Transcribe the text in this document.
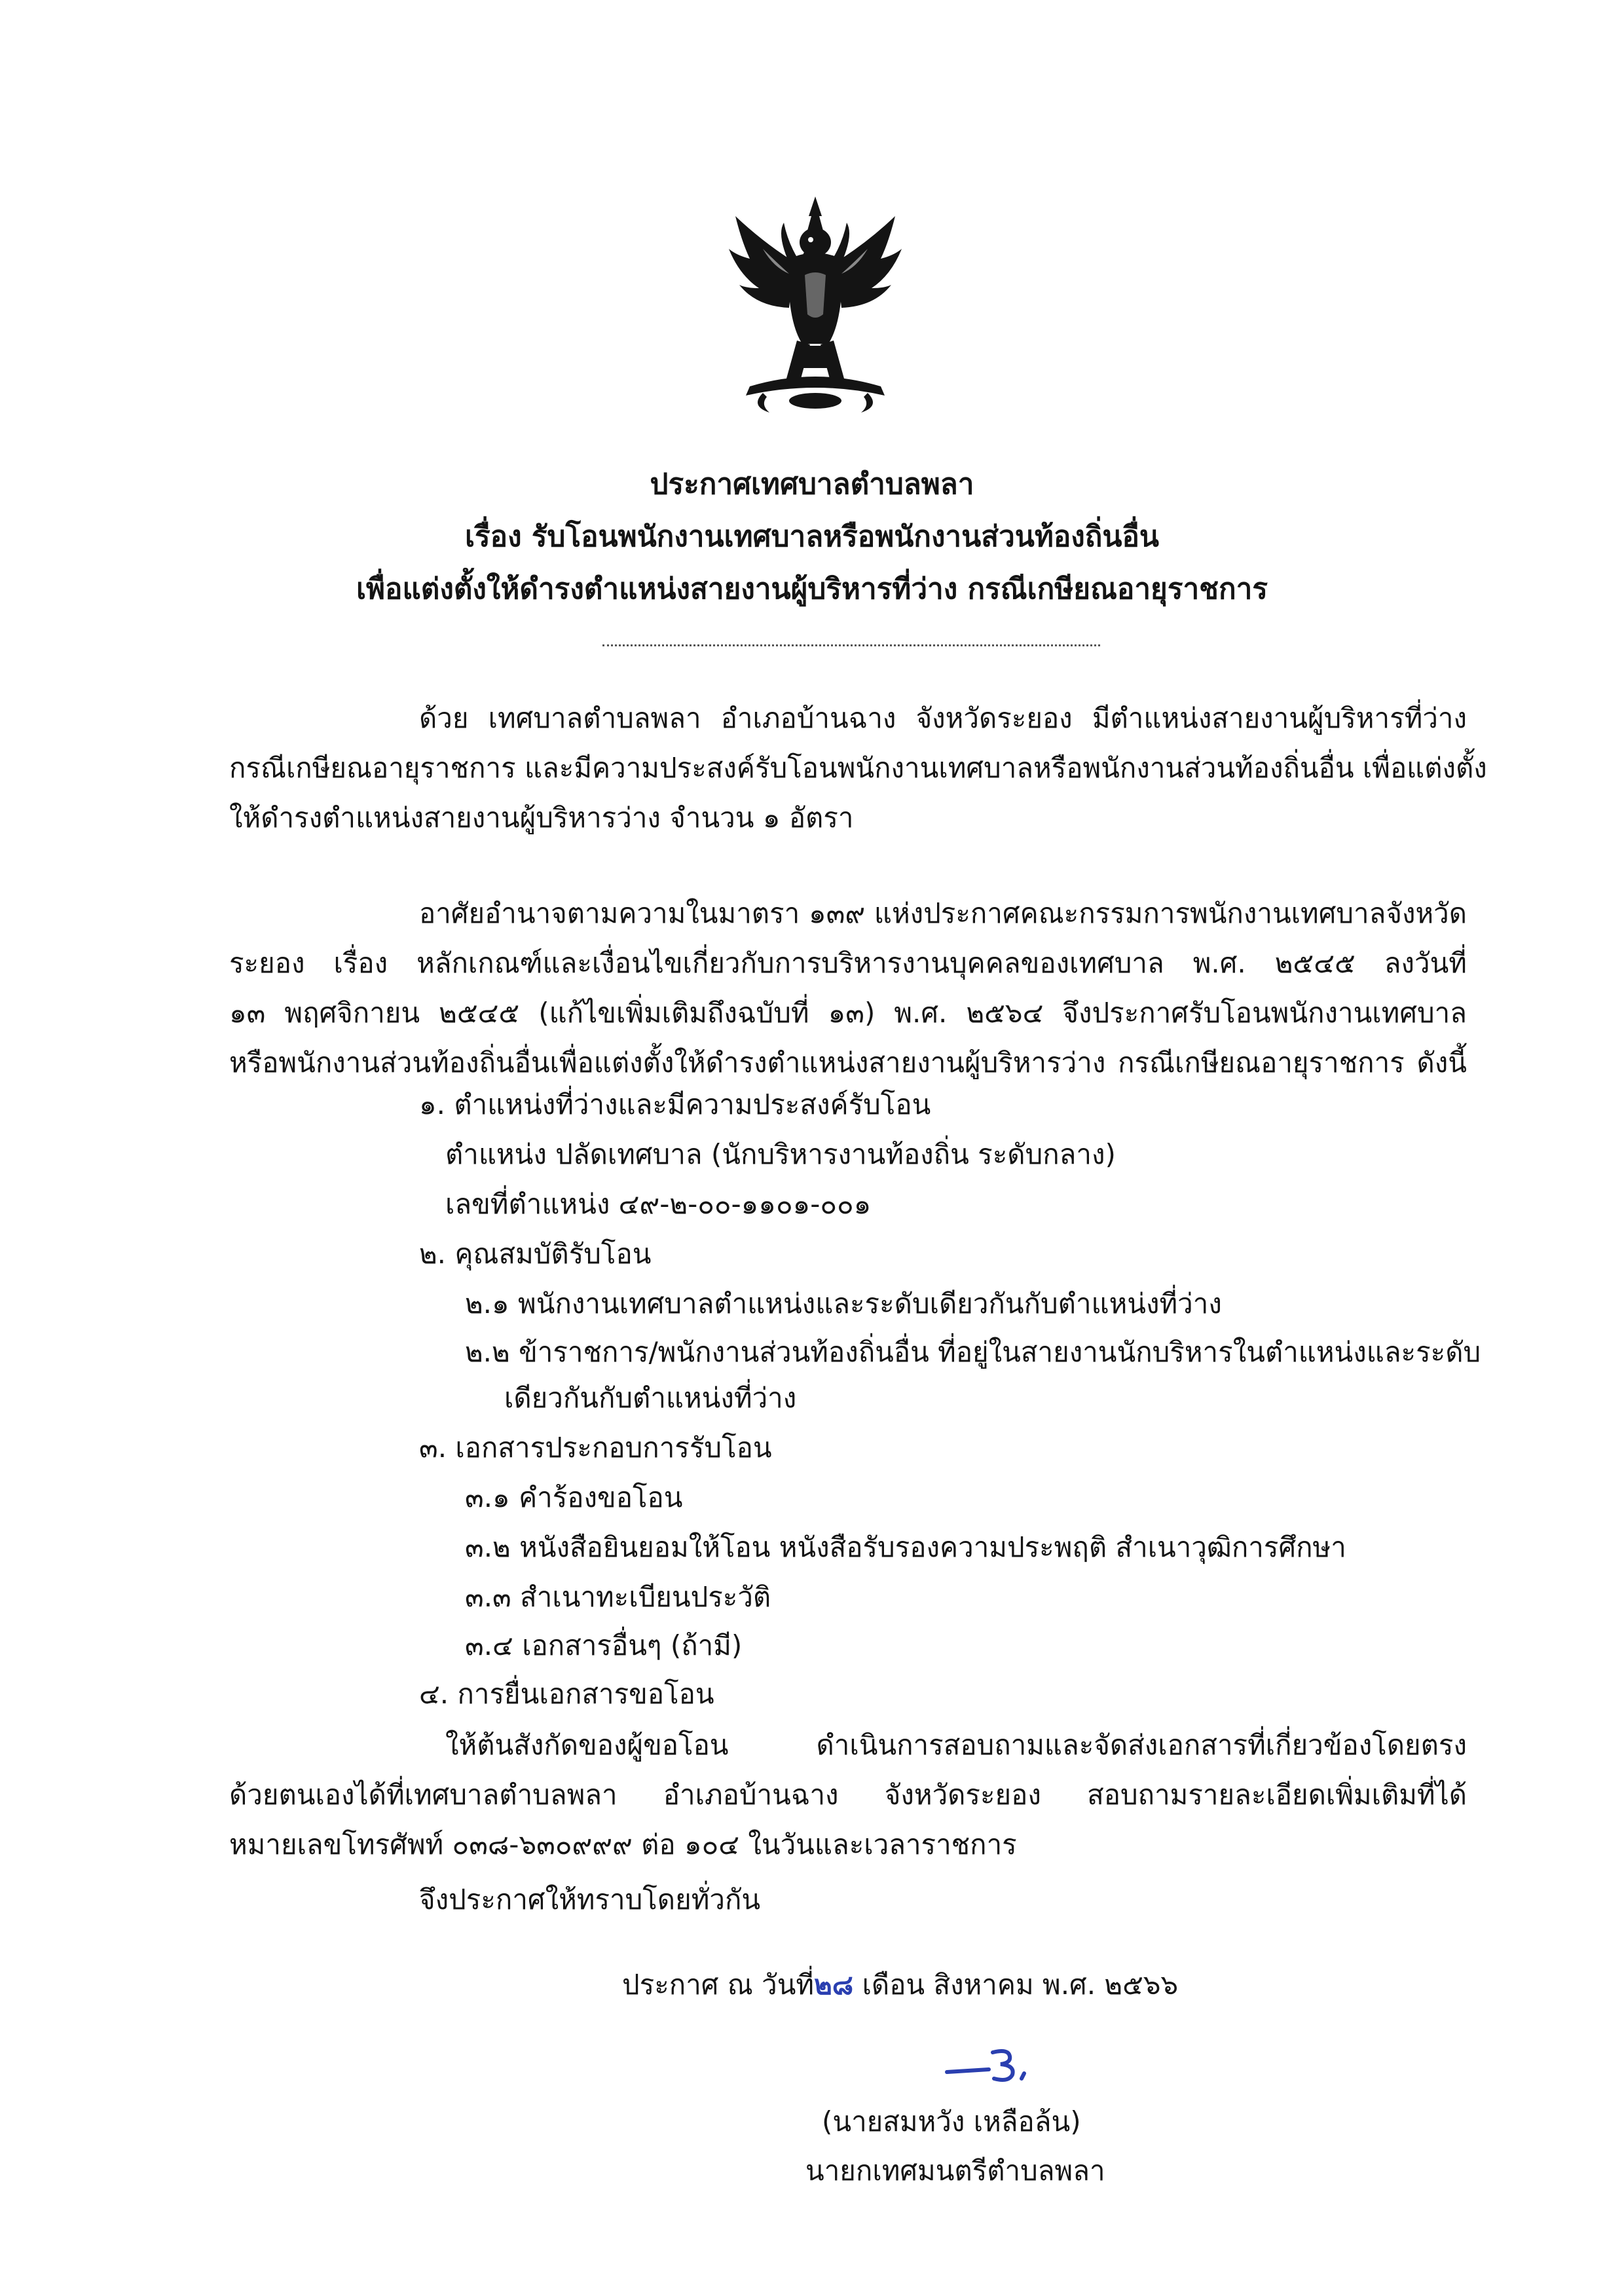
ประกาศเทศบาลตำบลพลา
เรื่อง รับโอนพนักงานเทศบาลหรือพนักงานส่วนท้องถิ่นอื่น
เพื่อแต่งตั้งให้ดำรงตำแหน่งสายงานผู้บริหารที่ว่าง กรณีเกษียณอายุราชการ
ด้วย เทศบาลตำบลพลา อำเภอบ้านฉาง จังหวัดระยอง มีตำแหน่งสายงานผู้บริหารที่ว่าง
กรณีเกษียณอายุราชการ และมีความประสงค์รับโอนพนักงานเทศบาลหรือพนักงานส่วนท้องถิ่นอื่น เพื่อแต่งตั้ง
ให้ดำรงตำแหน่งสายงานผู้บริหารว่าง จำนวน ๑ อัตรา
อาศัยอำนาจตามความในมาตรา ๑๓๙ แห่งประกาศคณะกรรมการพนักงานเทศบาลจังหวัด
ระยอง เรื่อง หลักเกณฑ์และเงื่อนไขเกี่ยวกับการบริหารงานบุคคลของเทศบาล พ.ศ. ๒๕๔๕ ลงวันที่
๑๓ พฤศจิกายน ๒๕๔๕ (แก้ไขเพิ่มเติมถึงฉบับที่ ๑๓) พ.ศ. ๒๕๖๔ จึงประกาศรับโอนพนักงานเทศบาล
หรือพนักงานส่วนท้องถิ่นอื่นเพื่อแต่งตั้งให้ดำรงตำแหน่งสายงานผู้บริหารว่าง กรณีเกษียณอายุราชการ ดังนี้
๑. ตำแหน่งที่ว่างและมีความประสงค์รับโอน
ตำแหน่ง ปลัดเทศบาล (นักบริหารงานท้องถิ่น ระดับกลาง)
เลขที่ตำแหน่ง ๔๙-๒-๐๐-๑๑๐๑-๐๐๑
๒. คุณสมบัติรับโอน
๒.๑ พนักงานเทศบาลตำแหน่งและระดับเดียวกันกับตำแหน่งที่ว่าง
๒.๒ ข้าราชการ/พนักงานส่วนท้องถิ่นอื่น ที่อยู่ในสายงานนักบริหารในตำแหน่งและระดับ
เดียวกันกับตำแหน่งที่ว่าง
๓. เอกสารประกอบการรับโอน
๓.๑ คำร้องขอโอน
๓.๒ หนังสือยินยอมให้โอน หนังสือรับรองความประพฤติ สำเนาวุฒิการศึกษา
๓.๓ สำเนาทะเบียนประวัติ
๓.๔ เอกสารอื่นๆ (ถ้ามี)
๔. การยื่นเอกสารขอโอน
ให้ต้นสังกัดของผู้ขอโอน ดำเนินการสอบถามและจัดส่งเอกสารที่เกี่ยวข้องโดยตรง
ด้วยตนเองได้ที่เทศบาลตำบลพลา อำเภอบ้านฉาง จังหวัดระยอง สอบถามรายละเอียดเพิ่มเติมที่ได้
หมายเลขโทรศัพท์ ๐๓๘-๖๓๐๙๙๙ ต่อ ๑๐๔ ในวันและเวลาราชการ
จึงประกาศให้ทราบโดยทั่วกัน
ประกาศ ณ วันที่๒๘ เดือน สิงหาคม พ.ศ. ๒๕๖๖
(นายสมหวัง เหลือล้น)
นายกเทศมนตรีตำบลพลา
